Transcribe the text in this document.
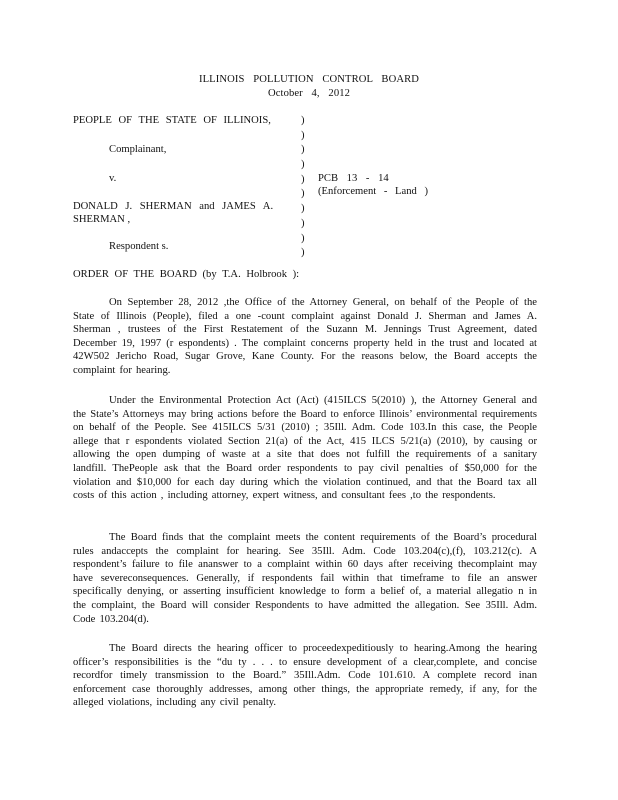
ILLINOIS POLLUTION CONTROL BOARD
October 4, 2012
PEOPLE OF THE STATE OF ILLINOIS,
Complainant,
v.
DONALD J. SHERMAN and JAMES A.
SHERMAN ,
Respondent s.
)
)
)
)
)
)
)
)
)
)
PCB 13 - 14
(Enforcement - Land )
ORDER OF THE BOARD (by T.A. Holbrook ):
On September 28, 2012 ,the Office of the Attorney General, on behalf of the People of the State of Illinois (People), filed a one -count complaint against Donald J. Sherman and James A. Sherman , trustees of the First Restatement of the Suzann M. Jennings Trust Agreement, dated December 19, 1997 (r espondents) . The complaint concerns property held in the trust and located at 42W502 Jericho Road, Sugar Grove, Kane County. For the reasons below, the Board accepts the complaint for hearing.
Under the Environmental Protection Act (Act) (415ILCS 5(2010) ), the Attorney General and the State’s Attorneys may bring actions before the Board to enforce Illinois’ environmental requirements on behalf of the People. See 415ILCS 5/31 (2010) ; 35Ill. Adm. Code 103.In this case, the People allege that r espondents violated Section 21(a) of the Act, 415 ILCS 5/21(a) (2010), by causing or allowing the open dumping of waste at a site that does not fulfill the requirements of a sanitary landfill. ThePeople ask that the Board order respondents to pay civil penalties of $50,000 for the violation and $10,000 for each day during which the violation continued, and that the Board tax all costs of this action , including attorney, expert witness, and consultant fees ,to the respondents.
The Board finds that the complaint meets the content requirements of the Board’s procedural rules andaccepts the complaint for hearing. See 35Ill. Adm. Code 103.204(c),(f), 103.212(c). A respondent’s failure to file ananswer to a complaint within 60 days after receiving thecomplaint may have severeconsequences. Generally, if respondents fail within that timeframe to file an answer specifically denying, or asserting insufficient knowledge to form a belief of, a material allegatio n in the complaint, the Board will consider Respondents to have admitted the allegation. See 35Ill. Adm. Code 103.204(d).
The Board directs the hearing officer to proceedexpeditiously to hearing.Among the hearing officer’s responsibilities is the “du ty . . . to ensure development of a clear,complete, and concise recordfor timely transmission to the Board.” 35Ill.Adm. Code 101.610. A complete record inan enforcement case thoroughly addresses, among other things, the appropriate remedy, if any, for the alleged violations, including any civil penalty.
